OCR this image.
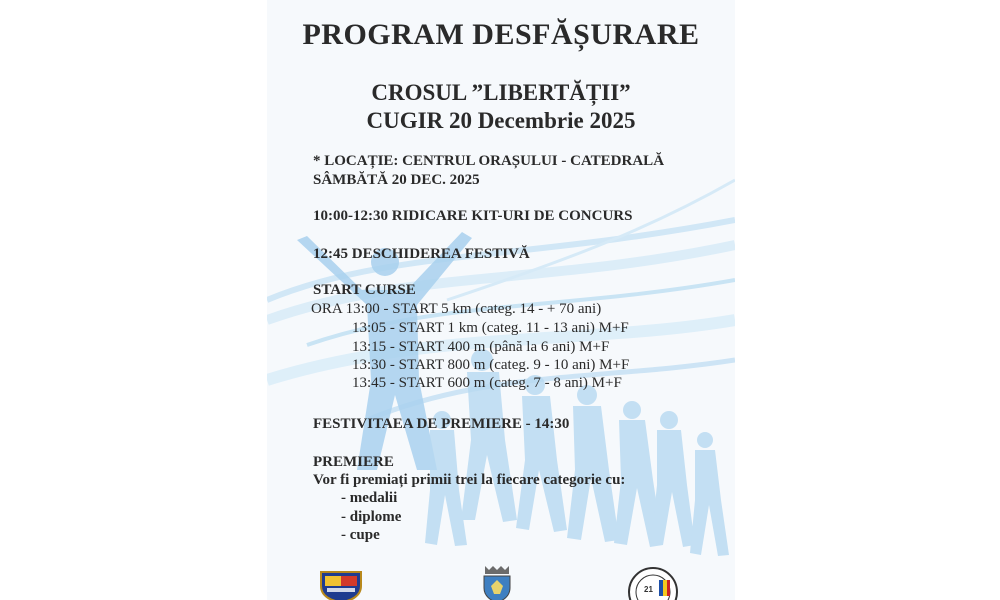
PROGRAM DESFĂȘURARE
CROSUL ”LIBERTĂȚII”
CUGIR 20 Decembrie 2025
* LOCAȚIE: CENTRUL ORAȘULUI - CATEDRALĂ
SÂMBĂTĂ 20 DEC. 2025
10:00-12:30 RIDICARE KIT-URI DE CONCURS
12:45 DESCHIDEREA FESTIVĂ
START CURSE
ORA 13:00 - START 5 km (categ. 14 - + 70 ani)
13:05 - START 1 km (categ. 11 - 13 ani) M+F
13:15 - START 400 m (până la 6 ani) M+F
13:30 - START 800 m (categ. 9 - 10 ani) M+F
13:45 - START 600 m (categ. 7 - 8 ani) M+F
FESTIVITAEA DE PREMIERE - 14:30
PREMIERE
Vor fi premiați primii trei la fiecare categorie cu:
- medalii
- diplome
- cupe
21
